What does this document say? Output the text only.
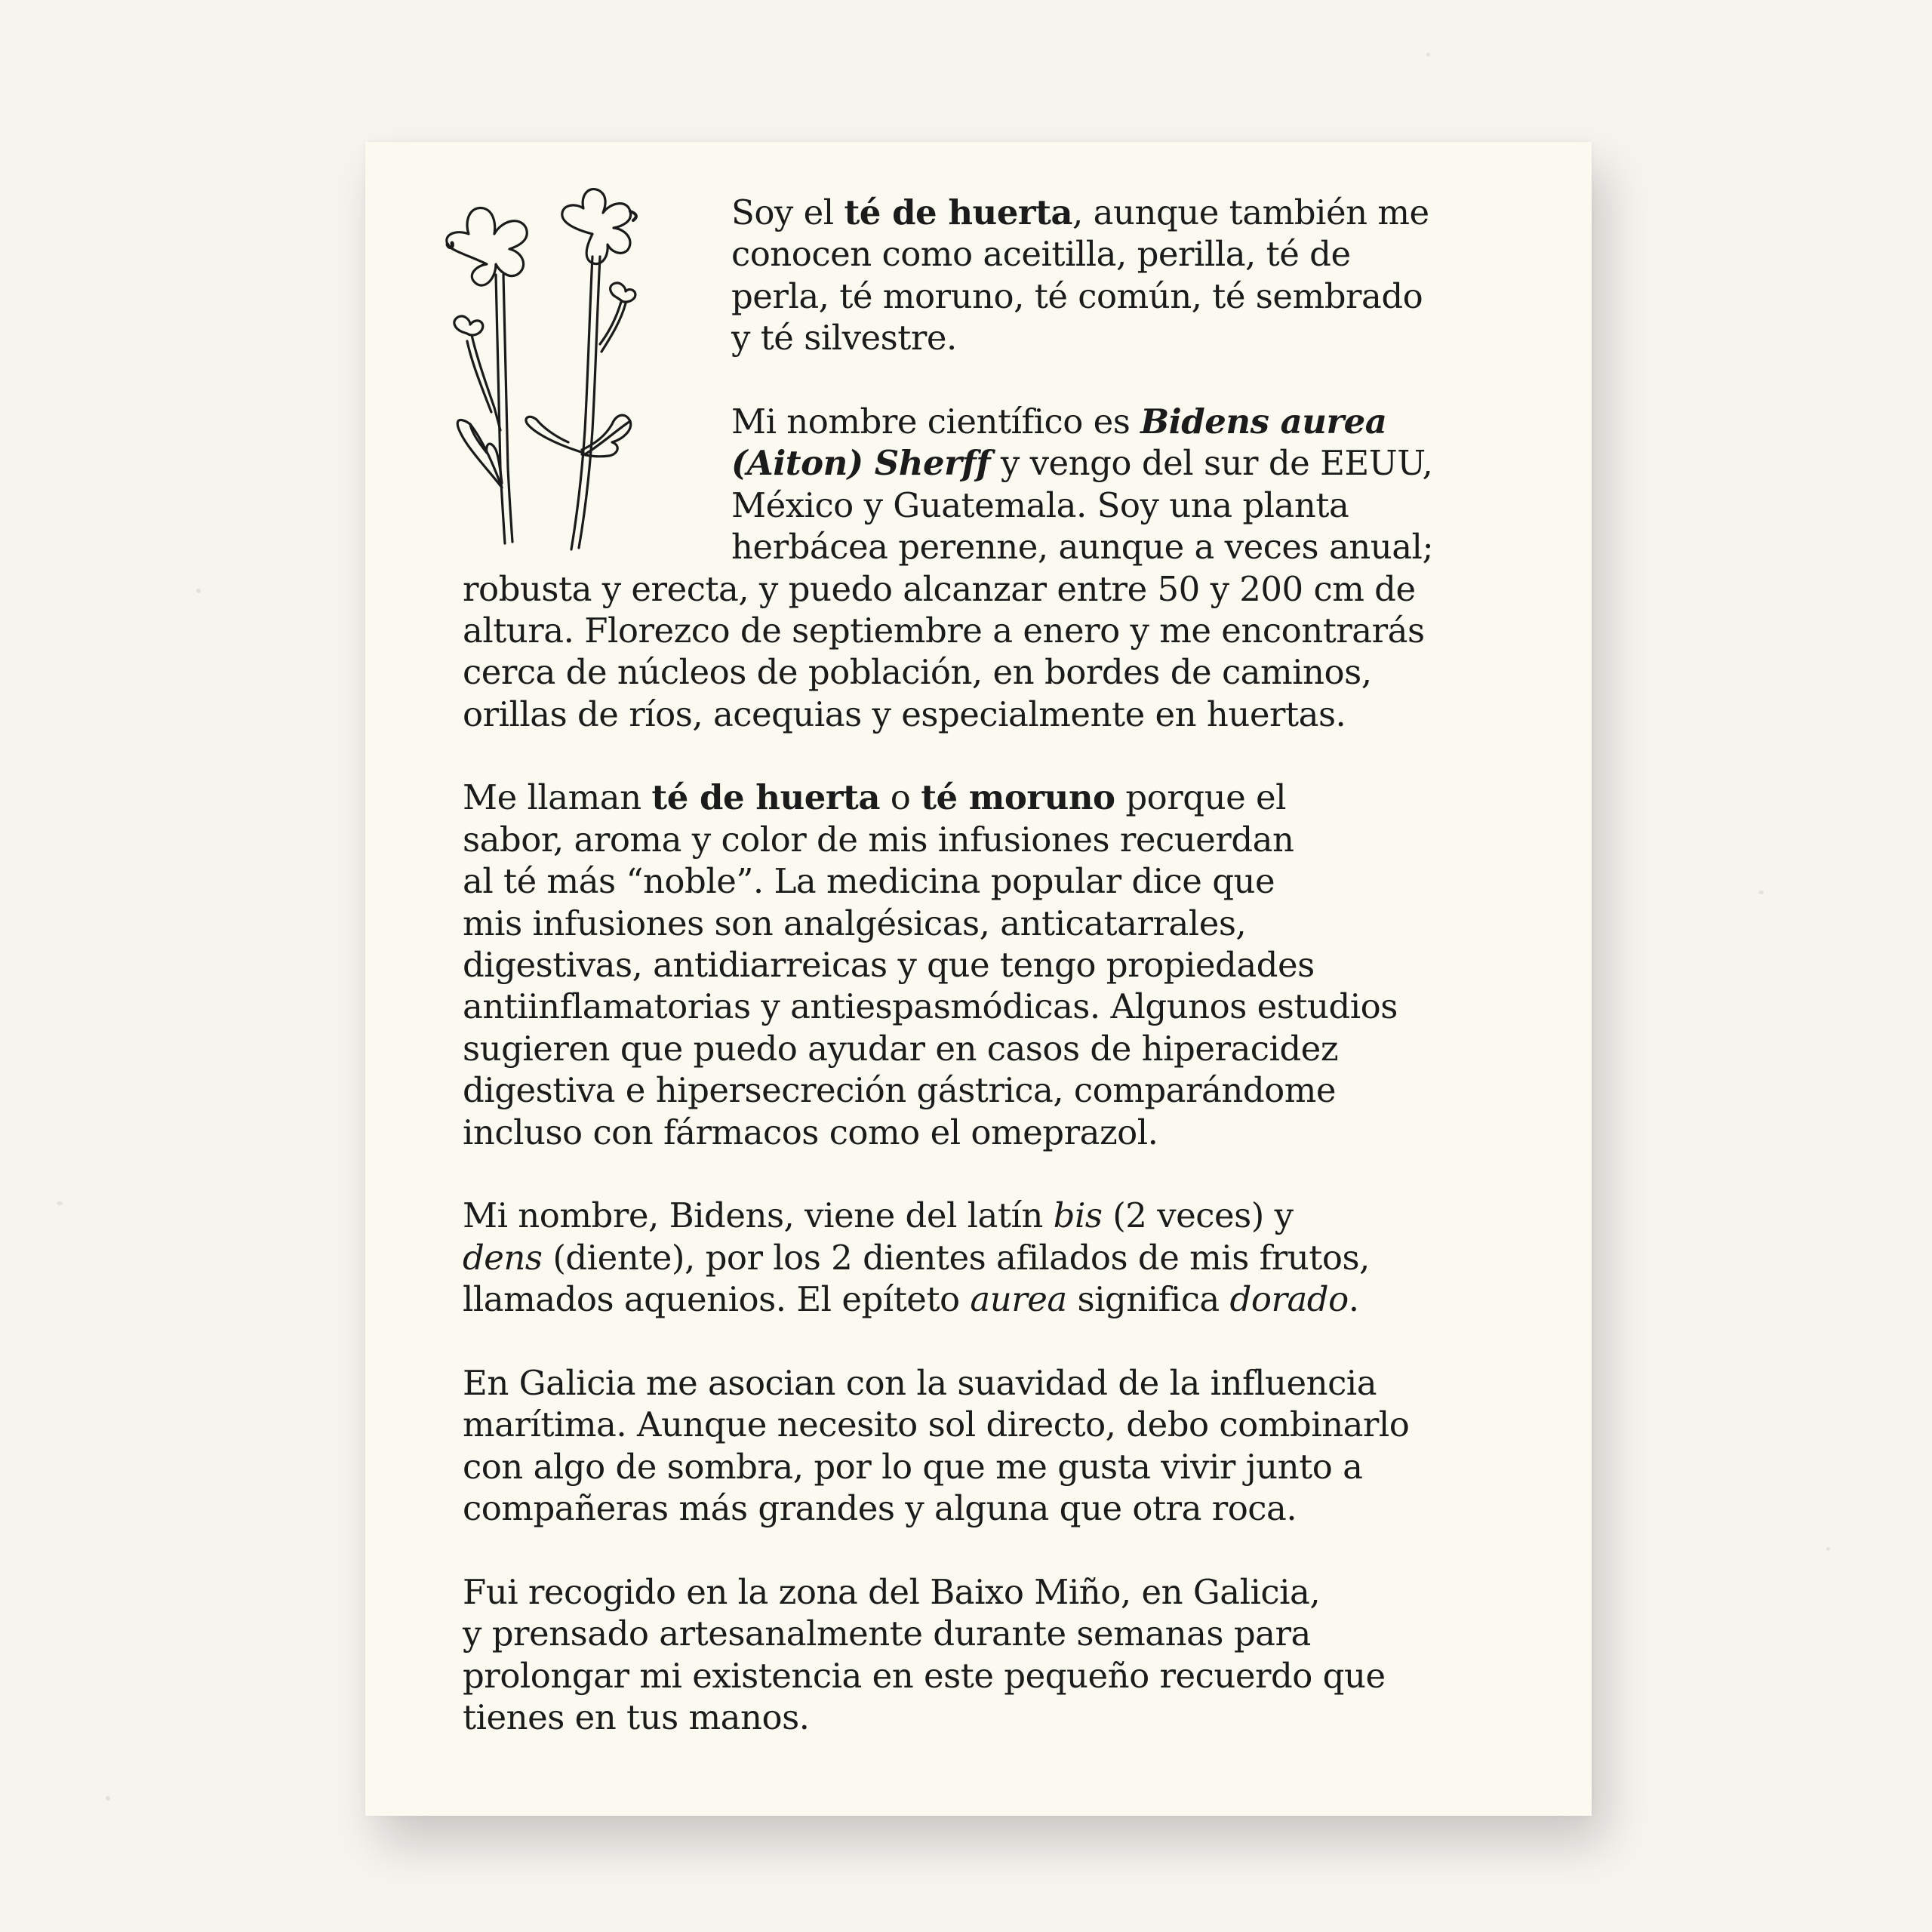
Soy el té de huerta, aunque también me
conocen como aceitilla, perilla, té de
perla, té moruno, té común, té sembrado
y té silvestre.
Mi nombre científico es Bidens aurea
(Aiton) Sherff y vengo del sur de EEUU,
México y Guatemala. Soy una planta
herbácea perenne, aunque a veces anual;
robusta y erecta, y puedo alcanzar entre 50 y 200 cm de
altura. Florezco de septiembre a enero y me encontrarás
cerca de núcleos de población, en bordes de caminos,
orillas de ríos, acequias y especialmente en huertas.
Me llaman té de huerta o té moruno porque el
sabor, aroma y color de mis infusiones recuerdan
al té más “noble”. La medicina popular dice que
mis infusiones son analgésicas, anticatarrales,
digestivas, antidiarreicas y que tengo propiedades
antiinflamatorias y antiespasmódicas. Algunos estudios
sugieren que puedo ayudar en casos de hiperacidez
digestiva e hipersecreción gástrica, comparándome
incluso con fármacos como el omeprazol.
Mi nombre, Bidens, viene del latín bis (2 veces) y
dens (diente), por los 2 dientes afilados de mis frutos,
llamados aquenios. El epíteto aurea significa dorado.
En Galicia me asocian con la suavidad de la influencia
marítima. Aunque necesito sol directo, debo combinarlo
con algo de sombra, por lo que me gusta vivir junto a
compañeras más grandes y alguna que otra roca.
Fui recogido en la zona del Baixo Miño, en Galicia,
y prensado artesanalmente durante semanas para
prolongar mi existencia en este pequeño recuerdo que
tienes en tus manos.
